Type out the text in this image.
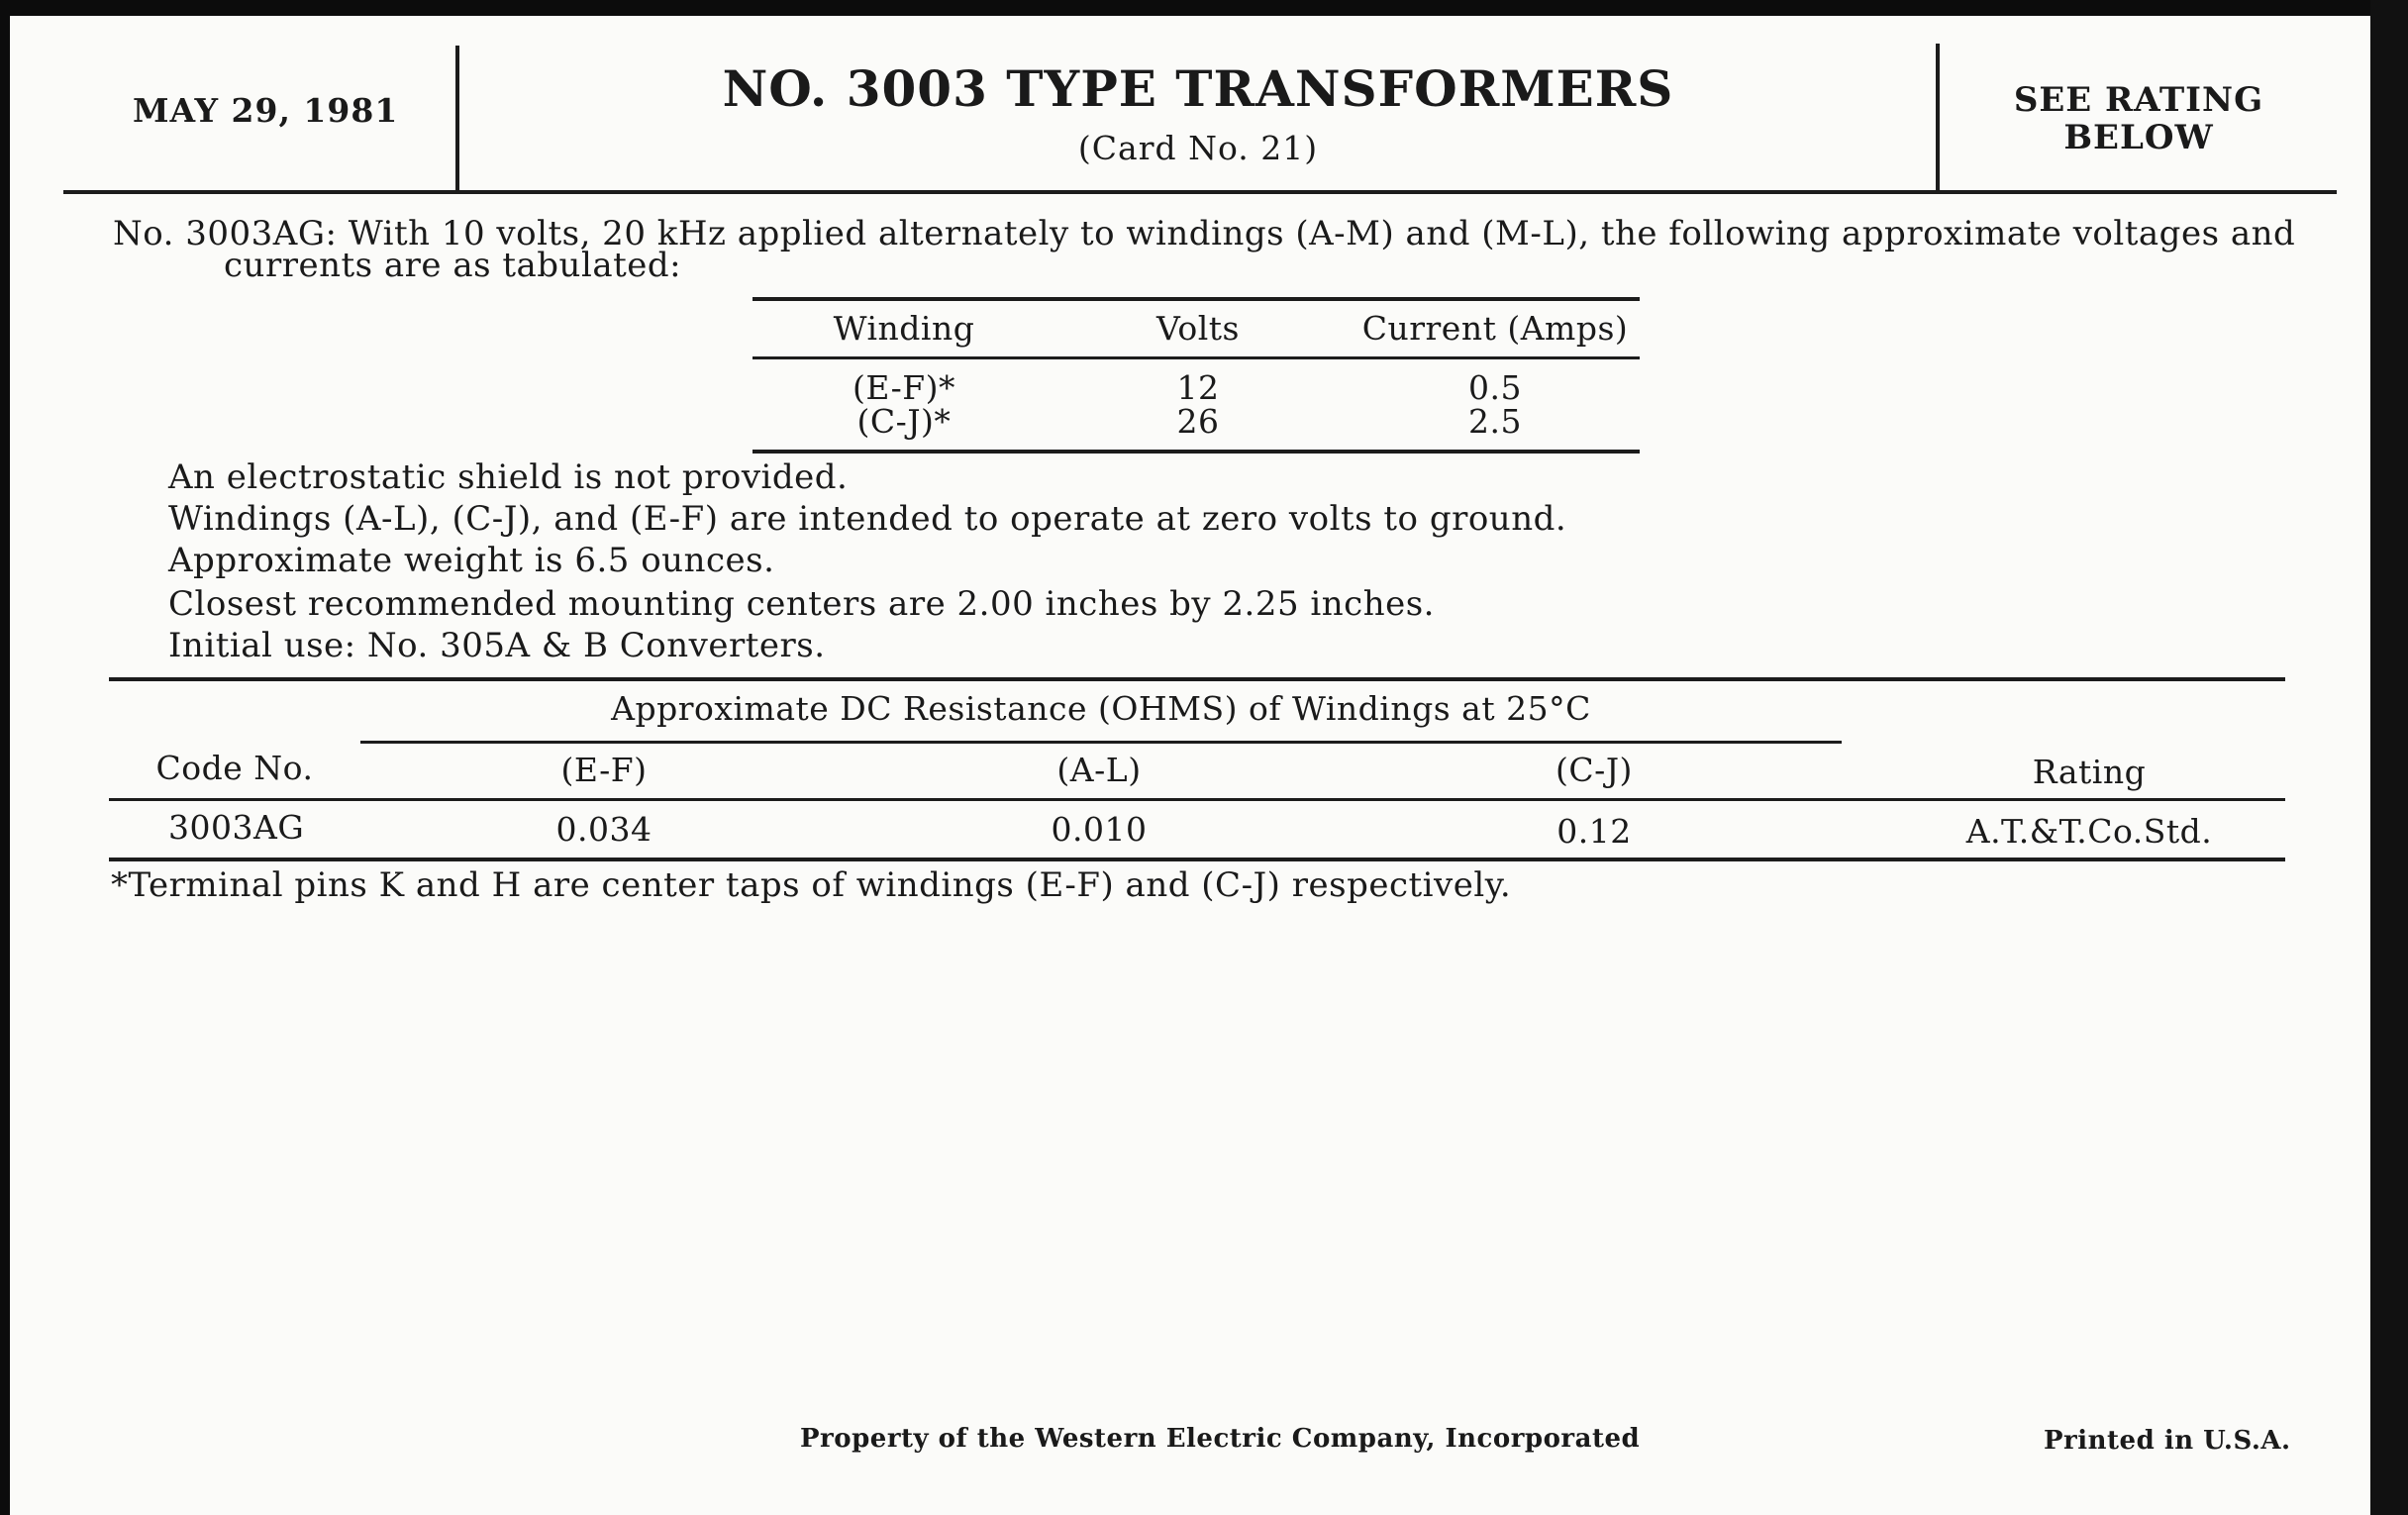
MAY 29, 1981	NO. 3003 TYPE TRANSFORMERS
(Card No. 21)
SEE RATING
BELOW
No. 3003AG: With 10 volts, 20 kHz applied alternately to windings (A-M) and (M-L), the following approximate voltages and
currents are as tabulated:
Winding	Volts	Current (Amps)
(E-F)*	12	0.5
(C-J)*	26	2.5
An electrostatic shield is not provided.
Windings (A-L), (C-J), and (E-F) are intended to operate at zero volts to ground.
Approximate weight is 6.5 ounces.
Closest recommended mounting centers are 2.00 inches by 2.25 inches.
Initial use: No. 305A & B Converters.
Approximate DC Resistance (OHMS) of Windings at 25°C
Code No.	(E-F)	(A-L)	(C-J)	Rating
3003AG	0.034	0.010	0.12	A.T.&T.Co.Std.
*Terminal pins K and H are center taps of windings (E-F) and (C-J) respectively.
Property of the Western Electric Company, Incorporated	Printed in U.S.A.
